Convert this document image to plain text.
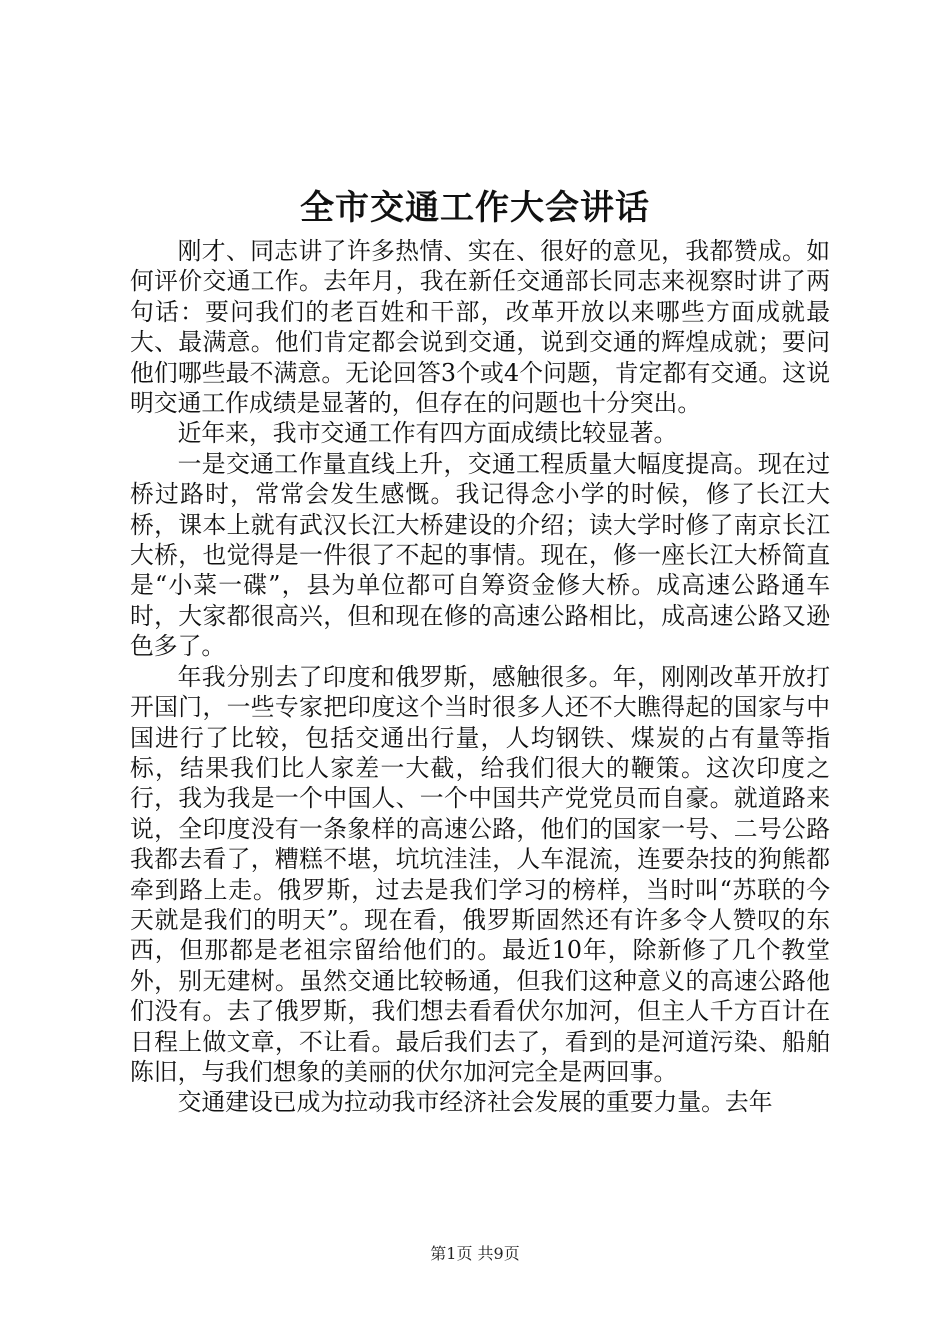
全市交通工作大会讲话

刚才、同志讲了许多热情、实在、很好的意见，我都赞成。如何评价交通工作。去年月，我在新任交通部长同志来视察时讲了两句话：要问我们的老百姓和干部，改革开放以来哪些方面成就最大、最满意。他们肯定都会说到交通，说到交通的辉煌成就；要问他们哪些最不满意。无论回答3个或4个问题，肯定都有交通。这说明交通工作成绩是显著的，但存在的问题也十分突出。

近年来，我市交通工作有四方面成绩比较显著。

一是交通工作量直线上升，交通工程质量大幅度提高。现在过桥过路时，常常会发生感慨。我记得念小学的时候，修了长江大桥，课本上就有武汉长江大桥建设的介绍；读大学时修了南京长江大桥，也觉得是一件很了不起的事情。现在，修一座长江大桥简直是“小菜一碟”，县为单位都可自筹资金修大桥。成高速公路通车时，大家都很高兴，但和现在修的高速公路相比，成高速公路又逊色多了。

年我分别去了印度和俄罗斯，感触很多。年，刚刚改革开放打开国门，一些专家把印度这个当时很多人还不大瞧得起的国家与中国进行了比较，包括交通出行量，人均钢铁、煤炭的占有量等指标，结果我们比人家差一大截，给我们很大的鞭策。这次印度之行，我为我是一个中国人、一个中国共产党党员而自豪。就道路来说，全印度没有一条象样的高速公路，他们的国家一号、二号公路我都去看了，糟糕不堪，坑坑洼洼，人车混流，连要杂技的狗熊都牵到路上走。俄罗斯，过去是我们学习的榜样，当时叫“苏联的今天就是我们的明天”。现在看，俄罗斯固然还有许多令人赞叹的东西，但那都是老祖宗留给他们的。最近10年，除新修了几个教堂外，别无建树。虽然交通比较畅通，但我们这种意义的高速公路他们没有。去了俄罗斯，我们想去看看伏尔加河，但主人千方百计在日程上做文章，不让看。最后我们去了，看到的是河道污染、船舶陈旧，与我们想象的美丽的伏尔加河完全是两回事。

交通建设已成为拉动我市经济社会发展的重要力量。去年

第1页 共9页
